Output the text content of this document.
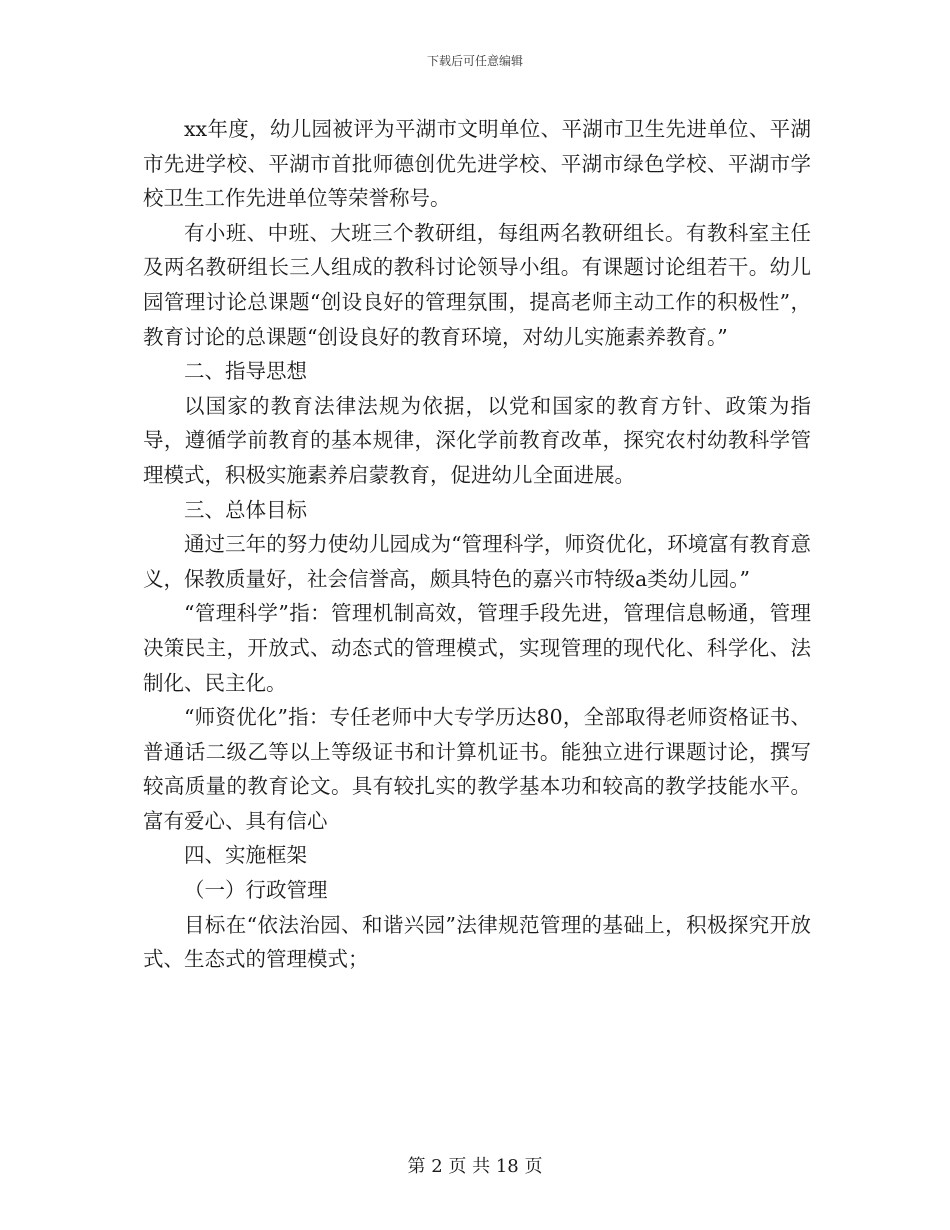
下载后可任意编辑

xx年度，幼儿园被评为平湖市文明单位、平湖市卫生先进单位、平湖市先进学校、平湖市首批师德创优先进学校、平湖市绿色学校、平湖市学校卫生工作先进单位等荣誉称号。

有小班、中班、大班三个教研组，每组两名教研组长。有教科室主任及两名教研组长三人组成的教科讨论领导小组。有课题讨论组若干。幼儿园管理讨论总课题“创设良好的管理氛围，提高老师主动工作的积极性”，教育讨论的总课题“创设良好的教育环境，对幼儿实施素养教育。”

二、指导思想

以国家的教育法律法规为依据，以党和国家的教育方针、政策为指导，遵循学前教育的基本规律，深化学前教育改革，探究农村幼教科学管理模式，积极实施素养启蒙教育，促进幼儿全面进展。

三、总体目标

通过三年的努力使幼儿园成为“管理科学，师资优化，环境富有教育意义，保教质量好，社会信誉高，颇具特色的嘉兴市特级a类幼儿园。”

“管理科学”指：管理机制高效，管理手段先进，管理信息畅通，管理决策民主，开放式、动态式的管理模式，实现管理的现代化、科学化、法制化、民主化。

“师资优化”指：专任老师中大专学历达80，全部取得老师资格证书、普通话二级乙等以上等级证书和计算机证书。能独立进行课题讨论，撰写较高质量的教育论文。具有较扎实的教学基本功和较高的教学技能水平。富有爱心、具有信心

四、实施框架

（一）行政管理

目标在“依法治园、和谐兴园”法律规范管理的基础上，积极探究开放式、生态式的管理模式；

第 2 页 共 18 页
